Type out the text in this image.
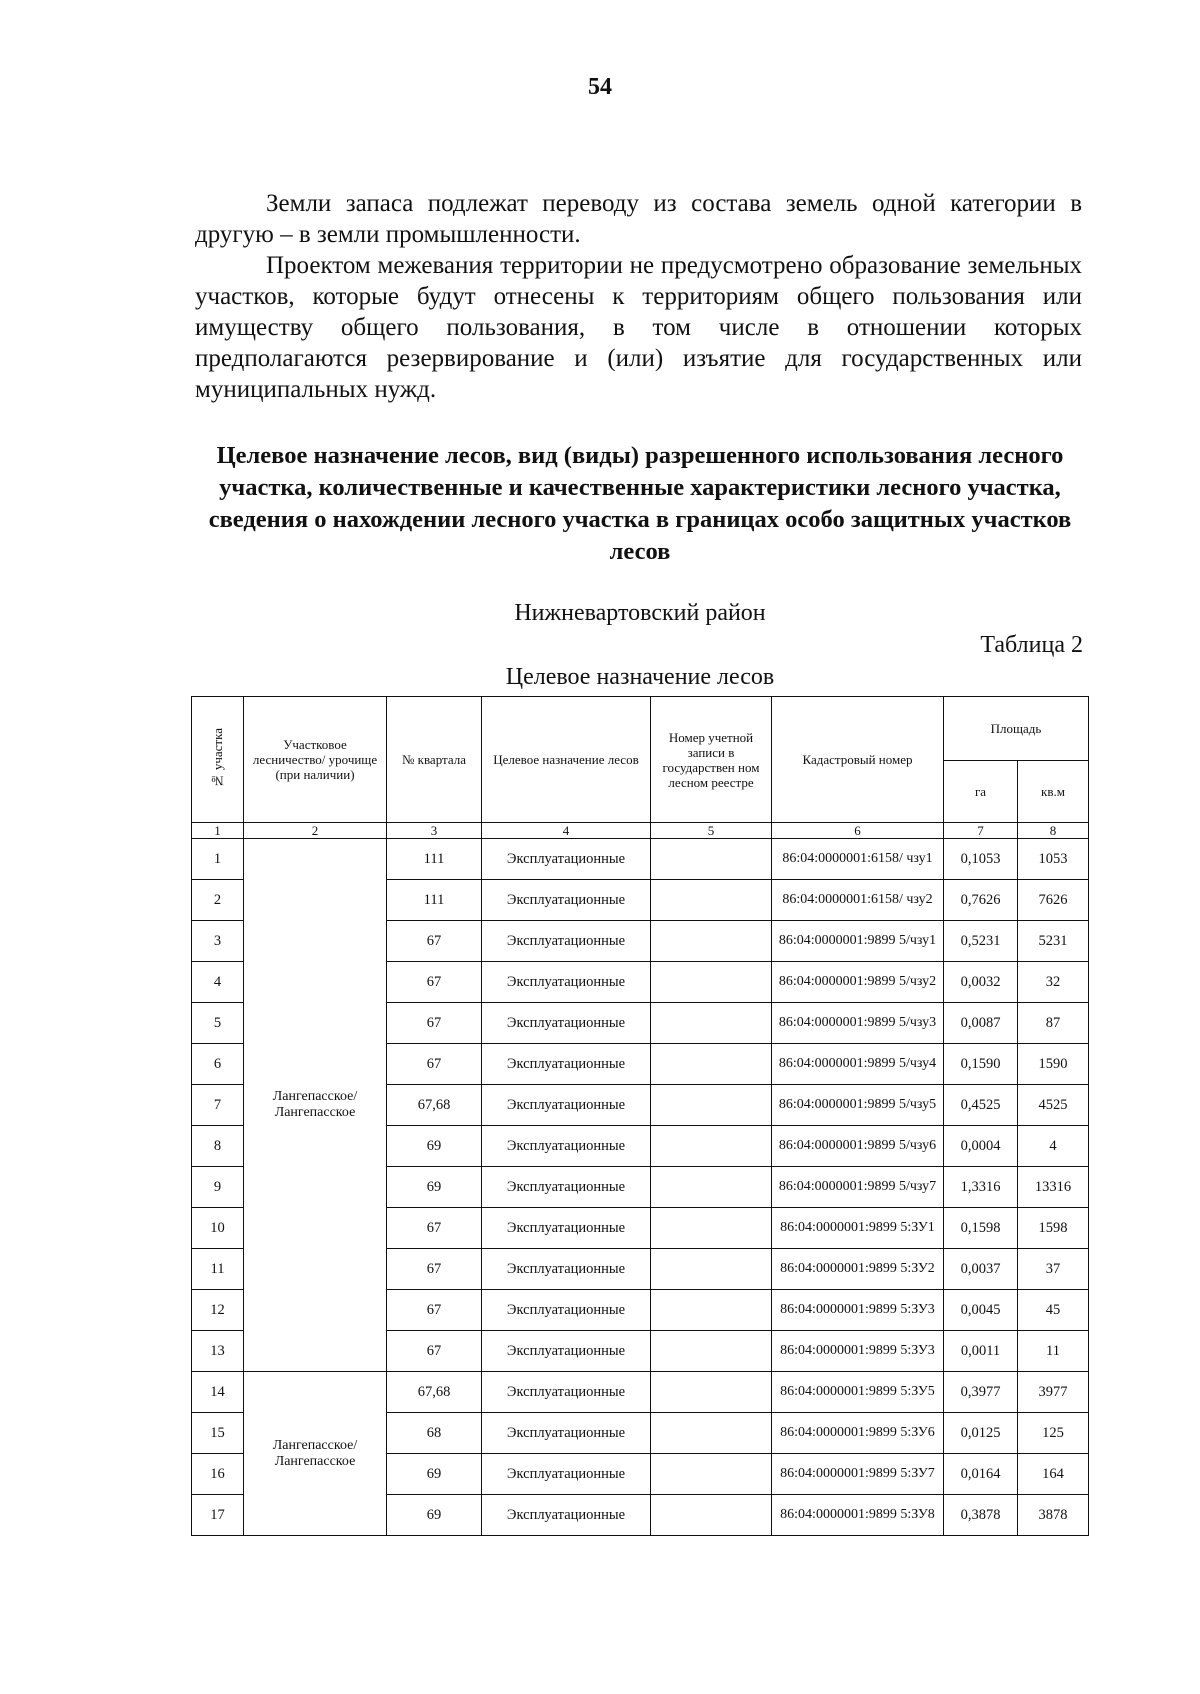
54

Земли запаса подлежат переводу из состава земель одной категории в другую – в земли промышленности.

Проектом межевания территории не предусмотрено образование земельных участков, которые будут отнесены к территориям общего пользования или имуществу общего пользования, в том числе в отношении которых предполагаются резервирование и (или) изъятие для государственных или муниципальных нужд.

Целевое назначение лесов, вид (виды) разрешенного использования лесного участка, количественные и качественные характеристики лесного участка, сведения о нахождении лесного участка в границах особо защитных участков лесов
Нижневартовский район
Таблица 2
Целевое назначение лесов
№ участка	Участковое лесничество/ урочище (при наличии)	№ квартала	Целевое назначение лесов	Номер учетной записи в государствен ном лесном реестре	Кадастровый номер	Площадь	
						га	кв.м
1	2	3	4	5	6	7	8
1	Лангепасское/ Лангепасское	111	Эксплуатационные		86:04:0000001:6158/ чзу1	0,1053	1053
2		111	Эксплуатационные		86:04:0000001:6158/ чзу2	0,7626	7626
3		67	Эксплуатационные		86:04:0000001:9899 5/чзу1	0,5231	5231
4		67	Эксплуатационные		86:04:0000001:9899 5/чзу2	0,0032	32
5		67	Эксплуатационные		86:04:0000001:9899 5/чзу3	0,0087	87
6		67	Эксплуатационные		86:04:0000001:9899 5/чзу4	0,1590	1590
7		67,68	Эксплуатационные		86:04:0000001:9899 5/чзу5	0,4525	4525
8		69	Эксплуатационные		86:04:0000001:9899 5/чзу6	0,0004	4
9		69	Эксплуатационные		86:04:0000001:9899 5/чзу7	1,3316	13316
10		67	Эксплуатационные		86:04:0000001:9899 5:ЗУ1	0,1598	1598
11		67	Эксплуатационные		86:04:0000001:9899 5:ЗУ2	0,0037	37
12		67	Эксплуатационные		86:04:0000001:9899 5:ЗУ3	0,0045	45
13		67	Эксплуатационные		86:04:0000001:9899 5:ЗУ3	0,0011	11
14	Лангепасское/ Лангепасское	67,68	Эксплуатационные		86:04:0000001:9899 5:ЗУ5	0,3977	3977
15		68	Эксплуатационные		86:04:0000001:9899 5:ЗУ6	0,0125	125
16		69	Эксплуатационные		86:04:0000001:9899 5:ЗУ7	0,0164	164
17		69	Эксплуатационные		86:04:0000001:9899 5:ЗУ8	0,3878	3878
